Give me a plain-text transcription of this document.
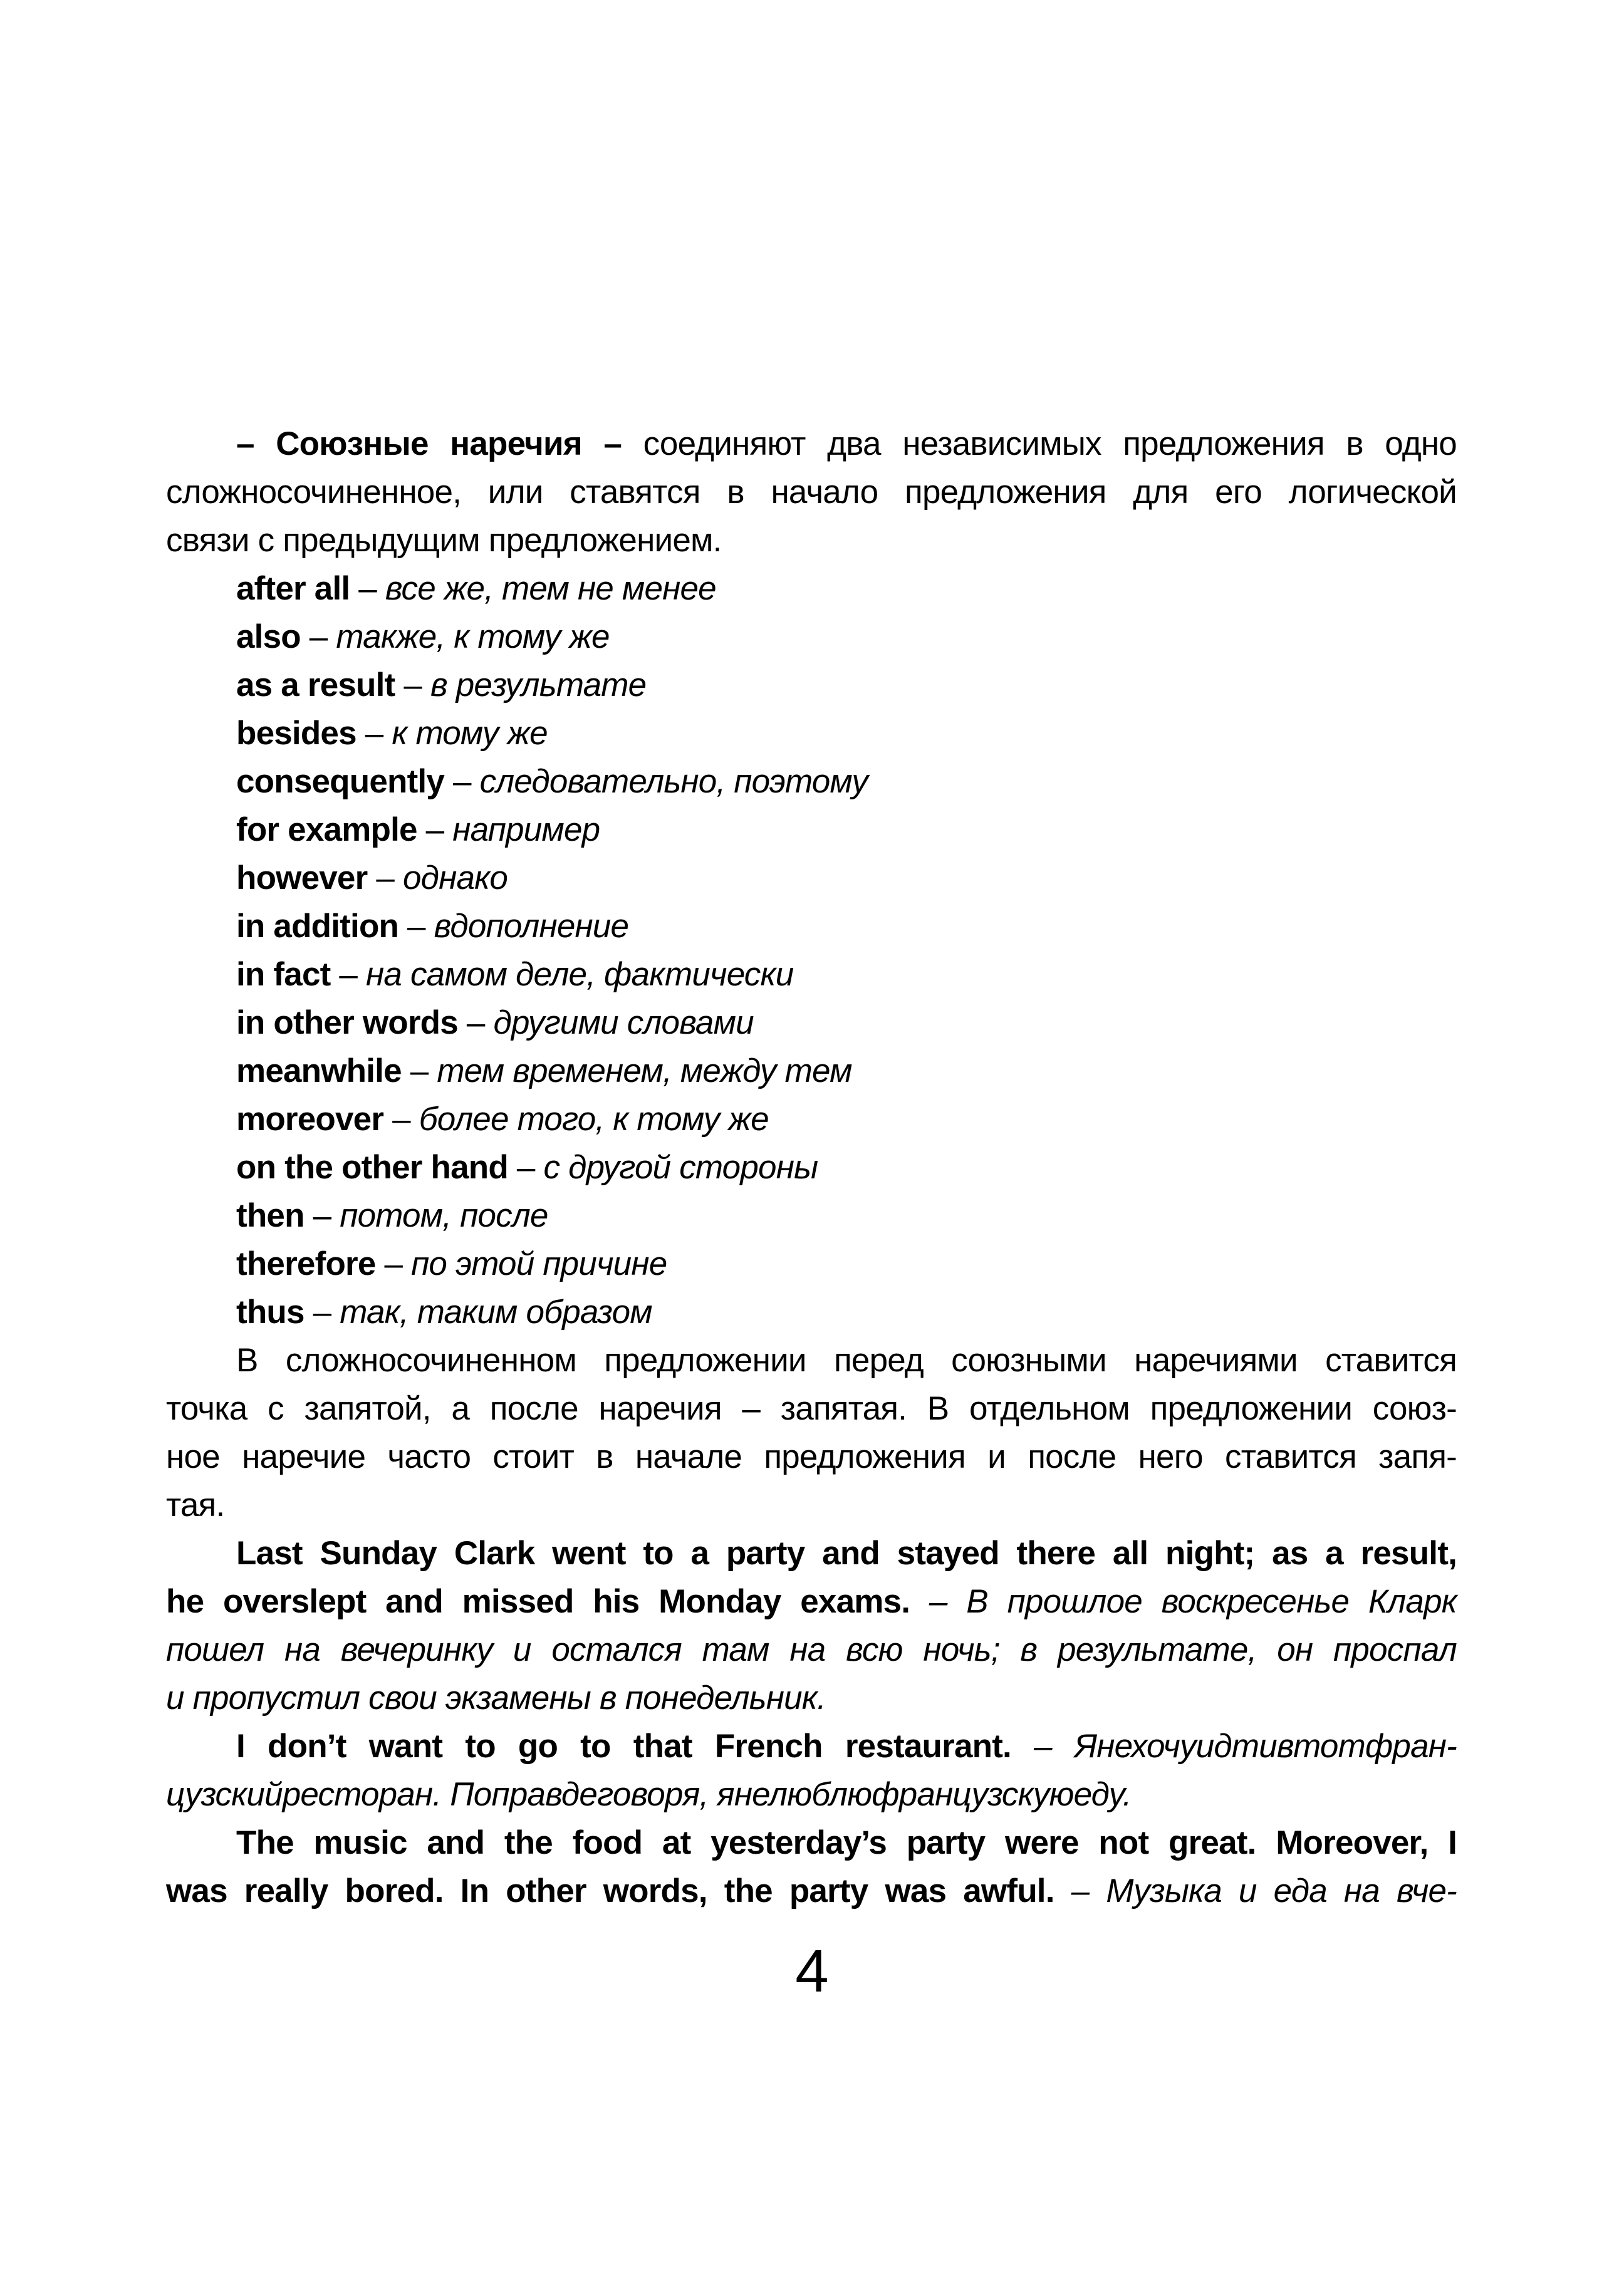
– Союзные наречия – соединяют два независимых предложения в одно
сложносочиненное, или ставятся в начало предложения для его логической
связи с предыдущим предложением.
after all – все же, тем не менее
also – также, к тому же
as a result – в результате
besides – к тому же
consequently – следовательно, поэтому
for example – например
however – однако
in addition – вдополнение
in fact – на самом деле, фактически
in other words – другими словами
meanwhile – тем временем, между тем
moreover – более того, к тому же
on the other hand – с другой стороны
then – потом, после
therefore – по этой причине
thus – так, таким образом
В сложносочиненном предложении перед союзными наречиями ставится
точка с запятой, а после наречия – запятая. В отдельном предложении союз-
ное наречие часто стоит в начале предложения и после него ставится запя-
тая.
Last Sunday Clark went to a party and stayed there all night; as a result,
he overslept and missed his Monday exams. – В прошлое воскресенье Кларк
пошел на вечеринку и остался там на всю ночь; в результате, он проспал
и пропустил свои экзамены в понедельник.
I don’t want to go to that French restaurant. – Янехочуидтивтотфран-
цузскийресторан. Поправдеговоря, янелюблюфранцузскуюеду.
The music and the food at yesterday’s party were not great. Moreover, I
was really bored. In other words, the party was awful. – Музыка и еда на вче-
4
